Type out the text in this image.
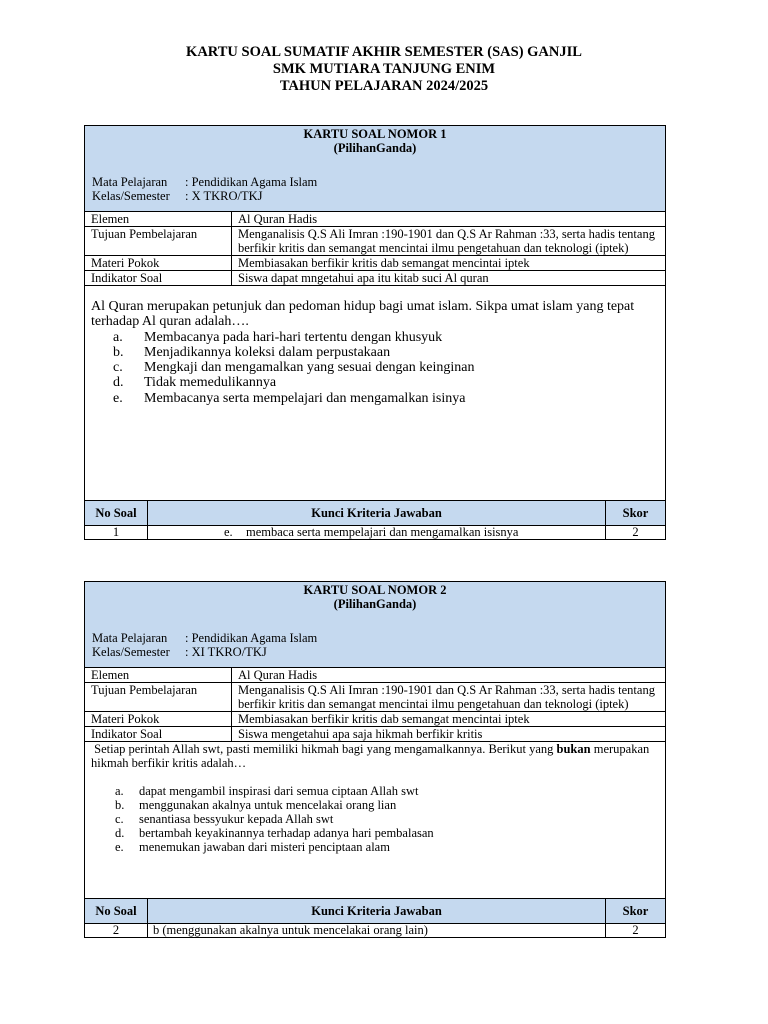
KARTU SOAL SUMATIF AKHIR SEMESTER (SAS) GANJIL
SMK MUTIARA TANJUNG ENIM
TAHUN PELAJARAN 2024/2025
KARTU SOAL NOMOR 1
(PilihanGanda)
Mata Pelajaran	: Pendidikan Agama Islam
Kelas/Semester	: X TKRO/TKJ
Elemen	Al Quran Hadis
Tujuan Pembelajaran	Menganalisis Q.S Ali Imran :190-1901 dan Q.S Ar Rahman :33, serta hadis tentang berfikir kritis dan semangat mencintai ilmu pengetahuan dan teknologi (iptek)
Materi Pokok	Membiasakan berfikir kritis dab semangat mencintai iptek
Indikator Soal	Siswa dapat mngetahui apa itu kitab suci Al quran

Al Quran merupakan petunjuk dan pedoman hidup bagi umat islam. Sikpa umat islam yang tepat terhadap Al quran adalah….

a.	Membacanya pada hari-hari tertentu dengan khusyuk
b.	Menjadikannya koleksi dalam perpustakaan
c.	Mengkaji dan mengamalkan yang sesuai dengan keinginan
d.	Tidak memedulikannya
e.	Membacanya serta mempelajari dan mengamalkan isinya
No Soal	Kunci Kriteria Jawaban	Skor
1	e. membaca serta mempelajari dan mengamalkan isisnya	2
KARTU SOAL NOMOR 2
(PilihanGanda)
Mata Pelajaran	: Pendidikan Agama Islam
Kelas/Semester	: XI TKRO/TKJ
Elemen	Al Quran Hadis
Tujuan Pembelajaran	Menganalisis Q.S Ali Imran :190-1901 dan Q.S Ar Rahman :33, serta hadis tentang berfikir kritis dan semangat mencintai ilmu pengetahuan dan teknologi (iptek)
Materi Pokok	Membiasakan berfikir kritis dab semangat mencintai iptek
Indikator Soal	Siswa mengetahui apa saja hikmah berfikir kritis

Setiap perintah Allah swt, pasti memiliki hikmah bagi yang mengamalkannya. Berikut yang bukan merupakan hikmah berfikir kritis adalah…

a.	dapat mengambil inspirasi dari semua ciptaan Allah swt
b.	menggunakan akalnya untuk mencelakai orang lian
c.	senantiasa bessyukur kepada Allah swt
d.	bertambah keyakinannya terhadap adanya hari pembalasan
e.	menemukan jawaban dari misteri penciptaan alam
No Soal	Kunci Kriteria Jawaban	Skor
2	b (menggunakan akalnya untuk mencelakai orang lain)	2
